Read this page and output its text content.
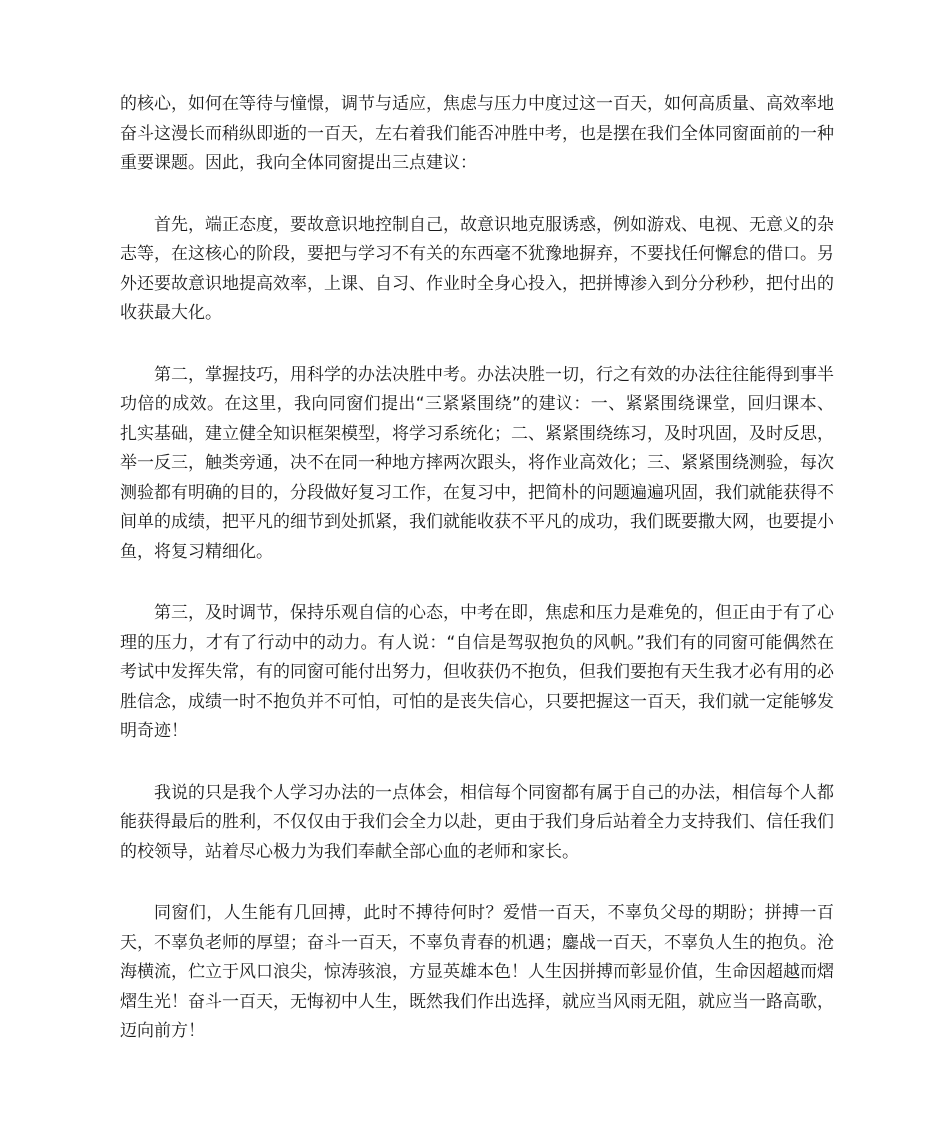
的核心，如何在等待与憧憬，调节与适应，焦虑与压力中度过这一百天，如何高质量、高效率地奋斗这漫长而稍纵即逝的一百天，左右着我们能否冲胜中考，也是摆在我们全体同窗面前的一种重要课题。因此，我向全体同窗提出三点建议：

首先，端正态度，要故意识地控制自己，故意识地克服诱惑，例如游戏、电视、无意义的杂志等，在这核心的阶段，要把与学习不有关的东西毫不犹豫地摒弃，不要找任何懈怠的借口。另外还要故意识地提高效率，上课、自习、作业时全身心投入，把拼博渗入到分分秒秒，把付出的收获最大化。

第二，掌握技巧，用科学的办法决胜中考。办法决胜一切，行之有效的办法往往能得到事半功倍的成效。在这里，我向同窗们提出“三紧紧围绕”的建议：一、紧紧围绕课堂，回归课本、扎实基础，建立健全知识框架模型，将学习系统化；二、紧紧围绕练习，及时巩固，及时反思，举一反三，触类旁通，决不在同一种地方摔两次跟头，将作业高效化；三、紧紧围绕测验，每次测验都有明确的目的，分段做好复习工作，在复习中，把简朴的问题遍遍巩固，我们就能获得不间单的成绩，把平凡的细节到处抓紧，我们就能收获不平凡的成功，我们既要撒大网，也要提小鱼，将复习精细化。

第三，及时调节，保持乐观自信的心态，中考在即，焦虑和压力是难免的，但正由于有了心理的压力，才有了行动中的动力。有人说：“自信是驾驭抱负的风帆。”我们有的同窗可能偶然在考试中发挥失常，有的同窗可能付出努力，但收获仍不抱负，但我们要抱有天生我才必有用的必胜信念，成绩一时不抱负并不可怕，可怕的是丧失信心，只要把握这一百天，我们就一定能够发明奇迹！

我说的只是我个人学习办法的一点体会，相信每个同窗都有属于自己的办法，相信每个人都能获得最后的胜利，不仅仅由于我们会全力以赴，更由于我们身后站着全力支持我们、信任我们的校领导，站着尽心极力为我们奉献全部心血的老师和家长。

同窗们，人生能有几回搏，此时不搏待何时？爱惜一百天，不辜负父母的期盼；拼搏一百天，不辜负老师的厚望；奋斗一百天，不辜负青春的机遇；鏖战一百天，不辜负人生的抱负。沧海横流，伫立于风口浪尖，惊涛骇浪，方显英雄本色！人生因拼搏而彰显价值，生命因超越而熠熠生光！奋斗一百天，无悔初中人生，既然我们作出选择，就应当风雨无阻，就应当一路高歌，迈向前方！
